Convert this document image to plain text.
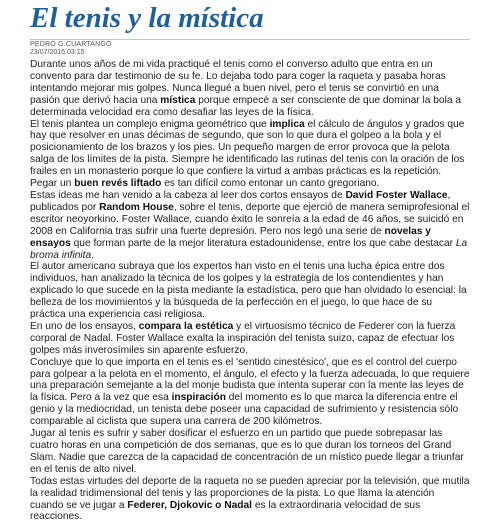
El tenis y la mística
PEDRO G.CUARTANGO
23/07/2016 03:15

Durante unos años de mi vida practiqué el tenis como el converso adulto que entra en un convento para dar testimonio de su fe. Lo dejaba todo para coger la raqueta y pasaba horas intentando mejorar mis golpes. Nunca llegué a buen nivel, pero el tenis se convirtió en una pasión que derivó hacia una mística porque empecé a ser consciente de que dominar la bola a determinada velocidad era como desafiar las leyes de la física.

El tenis plantea un complejo enigma geométrico que implica el cálculo de ángulos y grados que hay que resolver en unas décimas de segundo, que son lo que dura el golpeo a la bola y el posicionamiento de los brazos y los pies. Un pequeño margen de error provoca que la pelota salga de los límites de la pista. Siempre he identificado las rutinas del tenis con la oración de los frailes en un monasterio porque lo que confiere la virtud a ambas prácticas es la repetición. Pegar un buen revés liftado es tan difícil como entonar un canto gregoriano.

Estas ideas me han venido a la cabeza al leer dos cortos ensayos de David Foster Wallace, publicados por Random House, sobre el tenis, deporte que ejerció de manera semiprofesional el escritor neoyorkino. Foster Wallace, cuando éxito le sonreía a la edad de 46 años, se suicidó en 2008 en California tras sufrir una fuerte depresión. Pero nos legó una serie de novelas y ensayos que forman parte de la mejor literatura estadounidense, entre los que cabe destacar La broma infinita.

El autor americano subraya que los expertos han visto en el tenis una lucha épica entre dos individuos, han analizado la técnica de los golpes y la estrategia de los contendientes y han explicado lo que sucede en la pista mediante la estadística, pero que han olvidado lo esencial: la belleza de los movimientos y la búsqueda de la perfección en el juego, lo que hace de su práctica una experiencia casi religiosa.

En uno de los ensayos, compara la estética y el virtuosismo técnico de Federer con la fuerza corporal de Nadal. Foster Wallace exalta la inspiración del tenista suizo, capaz de efectuar los golpes más inverosímiles sin aparente esfuerzo.

Concluye que lo que importa en el tenis es el 'sentido cinestésico', que es el control del cuerpo para golpear a la pelota en el momento, el ángulo, el efecto y la fuerza adecuada, lo que requiere una preparación semejante a la del monje budista que intenta superar con la mente las leyes de la física. Pero a la vez que esa inspiración del momento es lo que marca la diferencia entre el genio y la mediocridad, un tenista debe poseer una capacidad de sufrimiento y resistencia sólo comparable al ciclista que supera una carrera de 200 kilómetros.

Jugar al tenis es sufrir y saber dosificar el esfuerzo en un partido que puede sobrepasar las cuatro horas en una competición de dos semanas, que es lo que duran los torneos del Grand Slam. Nadie que carezca de la capacidad de concentración de un místico puede llegar a triunfar en el tenis de alto nivel.

Todas estas virtudes del deporte de la raqueta no se pueden apreciar por la televisión, que mutila la realidad tridimensional del tenis y las proporciones de la pista. Lo que llama la atención cuando se ve jugar a Federer, Djokovic o Nadal es la extraordinaria velocidad de sus reacciones.
